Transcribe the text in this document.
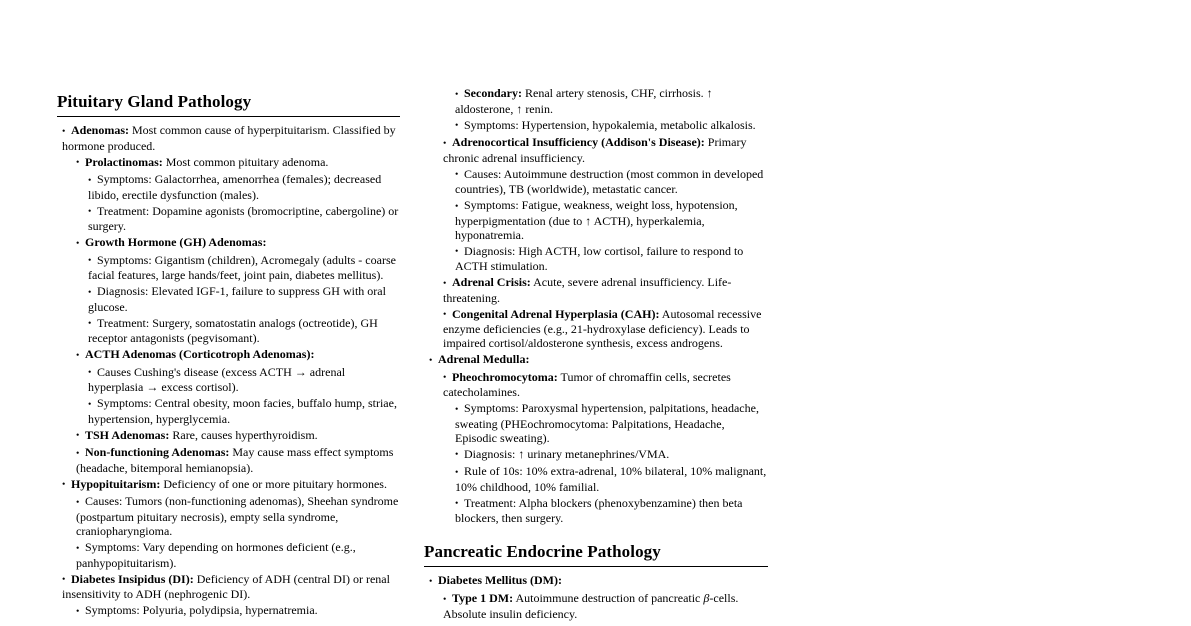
Pituitary Gland Pathology
• Adenomas: Most common cause of hyperpituitarism. Classified by hormone produced.
• Prolactinomas: Most common pituitary adenoma.
• Symptoms: Galactorrhea, amenorrhea (females); decreased libido, erectile dysfunction (males).
• Treatment: Dopamine agonists (bromocriptine, cabergoline) or surgery.
• Growth Hormone (GH) Adenomas:
• Symptoms: Gigantism (children), Acromegaly (adults - coarse facial features, large hands/feet, joint pain, diabetes mellitus).
• Diagnosis: Elevated IGF-1, failure to suppress GH with oral glucose.
• Treatment: Surgery, somatostatin analogs (octreotide), GH receptor antagonists (pegvisomant).
• ACTH Adenomas (Corticotroph Adenomas):
• Causes Cushing's disease (excess ACTH → adrenal hyperplasia → excess cortisol).
• Symptoms: Central obesity, moon facies, buffalo hump, striae, hypertension, hyperglycemia.
• TSH Adenomas: Rare, causes hyperthyroidism.
• Non-functioning Adenomas: May cause mass effect symptoms (headache, bitemporal hemianopsia).
• Hypopituitarism: Deficiency of one or more pituitary hormones.
• Causes: Tumors (non-functioning adenomas), Sheehan syndrome (postpartum pituitary necrosis), empty sella syndrome, craniopharyngioma.
• Symptoms: Vary depending on hormones deficient (e.g., panhypopituitarism).
• Diabetes Insipidus (DI): Deficiency of ADH (central DI) or renal insensitivity to ADH (nephrogenic DI).
• Symptoms: Polyuria, polydipsia, hypernatremia.
• Secondary: Renal artery stenosis, CHF, cirrhosis. ↑ aldosterone, ↑ renin.
• Symptoms: Hypertension, hypokalemia, metabolic alkalosis.
• Adrenocortical Insufficiency (Addison's Disease): Primary chronic adrenal insufficiency.
• Causes: Autoimmune destruction (most common in developed countries), TB (worldwide), metastatic cancer.
• Symptoms: Fatigue, weakness, weight loss, hypotension, hyperpigmentation (due to ↑ ACTH), hyperkalemia, hyponatremia.
• Diagnosis: High ACTH, low cortisol, failure to respond to ACTH stimulation.
• Adrenal Crisis: Acute, severe adrenal insufficiency. Life-threatening.
• Congenital Adrenal Hyperplasia (CAH): Autosomal recessive enzyme deficiencies (e.g., 21-hydroxylase deficiency). Leads to impaired cortisol/aldosterone synthesis, excess androgens.
• Adrenal Medulla:
• Pheochromocytoma: Tumor of chromaffin cells, secretes catecholamines.
• Symptoms: Paroxysmal hypertension, palpitations, headache, sweating (PHEochromocytoma: Palpitations, Headache, Episodic sweating).
• Diagnosis: ↑ urinary metanephrines/VMA.
• Rule of 10s: 10% extra-adrenal, 10% bilateral, 10% malignant, 10% childhood, 10% familial.
• Treatment: Alpha blockers (phenoxybenzamine) then beta blockers, then surgery.
Pancreatic Endocrine Pathology
• Diabetes Mellitus (DM):
• Type 1 DM: Autoimmune destruction of pancreatic β-cells. Absolute insulin deficiency.
